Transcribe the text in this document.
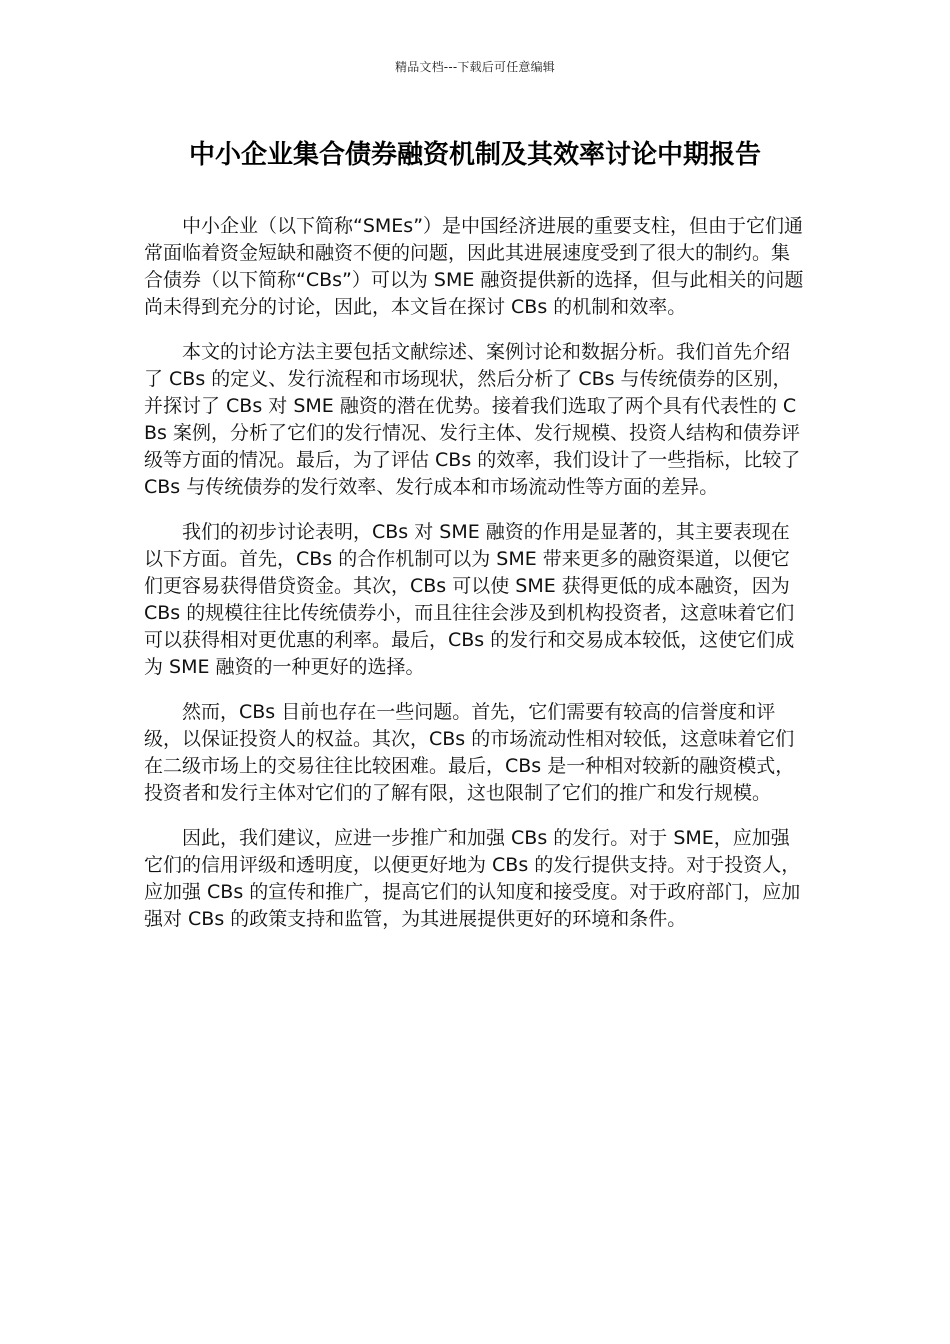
精品文档---下载后可任意编辑
中小企业集合债券融资机制及其效率讨论中期报告

中小企业（以下简称“SMEs”）是中国经济进展的重要支柱，但由于它们通常面临着资金短缺和融资不便的问题，因此其进展速度受到了很大的制约。集合债券（以下简称“CBs”）可以为 SME 融资提供新的选择，但与此相关的问题尚未得到充分的讨论，因此，本文旨在探讨 CBs 的机制和效率。

本文的讨论方法主要包括文献综述、案例讨论和数据分析。我们首先介绍了 CBs 的定义、发行流程和市场现状，然后分析了 CBs 与传统债券的区别，并探讨了 CBs 对 SME 融资的潜在优势。接着我们选取了两个具有代表性的 CBs 案例，分析了它们的发行情况、发行主体、发行规模、投资人结构和债券评级等方面的情况。最后，为了评估 CBs 的效率，我们设计了一些指标，比较了 CBs 与传统债券的发行效率、发行成本和市场流动性等方面的差异。

我们的初步讨论表明，CBs 对 SME 融资的作用是显著的，其主要表现在以下方面。首先，CBs 的合作机制可以为 SME 带来更多的融资渠道，以便它们更容易获得借贷资金。其次，CBs 可以使 SME 获得更低的成本融资，因为 CBs 的规模往往比传统债券小，而且往往会涉及到机构投资者，这意味着它们可以获得相对更优惠的利率。最后，CBs 的发行和交易成本较低，这使它们成为 SME 融资的一种更好的选择。

然而，CBs 目前也存在一些问题。首先，它们需要有较高的信誉度和评级，以保证投资人的权益。其次，CBs 的市场流动性相对较低，这意味着它们在二级市场上的交易往往比较困难。最后，CBs 是一种相对较新的融资模式，投资者和发行主体对它们的了解有限，这也限制了它们的推广和发行规模。

因此，我们建议，应进一步推广和加强 CBs 的发行。对于 SME，应加强它们的信用评级和透明度，以便更好地为 CBs 的发行提供支持。对于投资人，应加强 CBs 的宣传和推广，提高它们的认知度和接受度。对于政府部门，应加强对 CBs 的政策支持和监管，为其进展提供更好的环境和条件。
